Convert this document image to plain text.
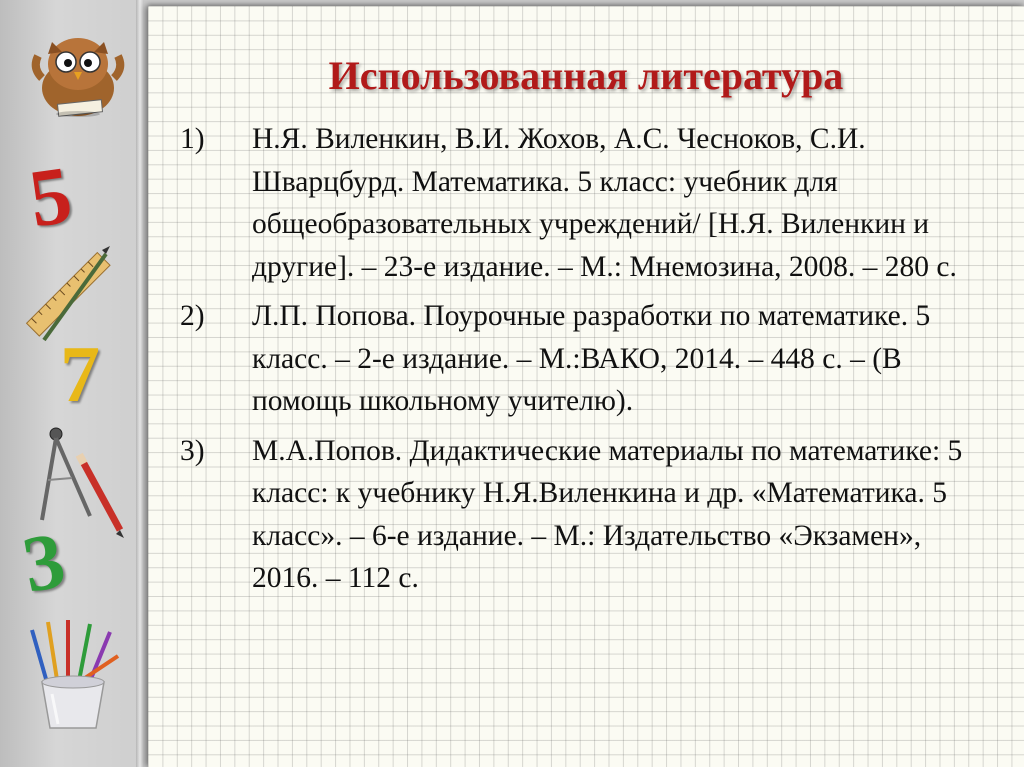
5
7
3
Использованная литература
1) Н.Я. Виленкин, В.И. Жохов, А.С. Чесноков, С.И. Шварцбурд. Математика. 5 класс: учебник для общеобразовательных учреждений/ [Н.Я. Виленкин и другие]. – 23-е издание. – М.: Мнемозина, 2008. – 280 с.
2) Л.П. Попова. Поурочные разработки по математике. 5 класс. – 2-е издание. – М.:ВАКО, 2014. – 448 с. – (В помощь школьному учителю).
3) М.А.Попов. Дидактические материалы по математике: 5 класс: к учебнику Н.Я.Виленкина и др. «Математика. 5 класс». – 6-е издание. – М.: Издательство «Экзамен», 2016. – 112 с.
